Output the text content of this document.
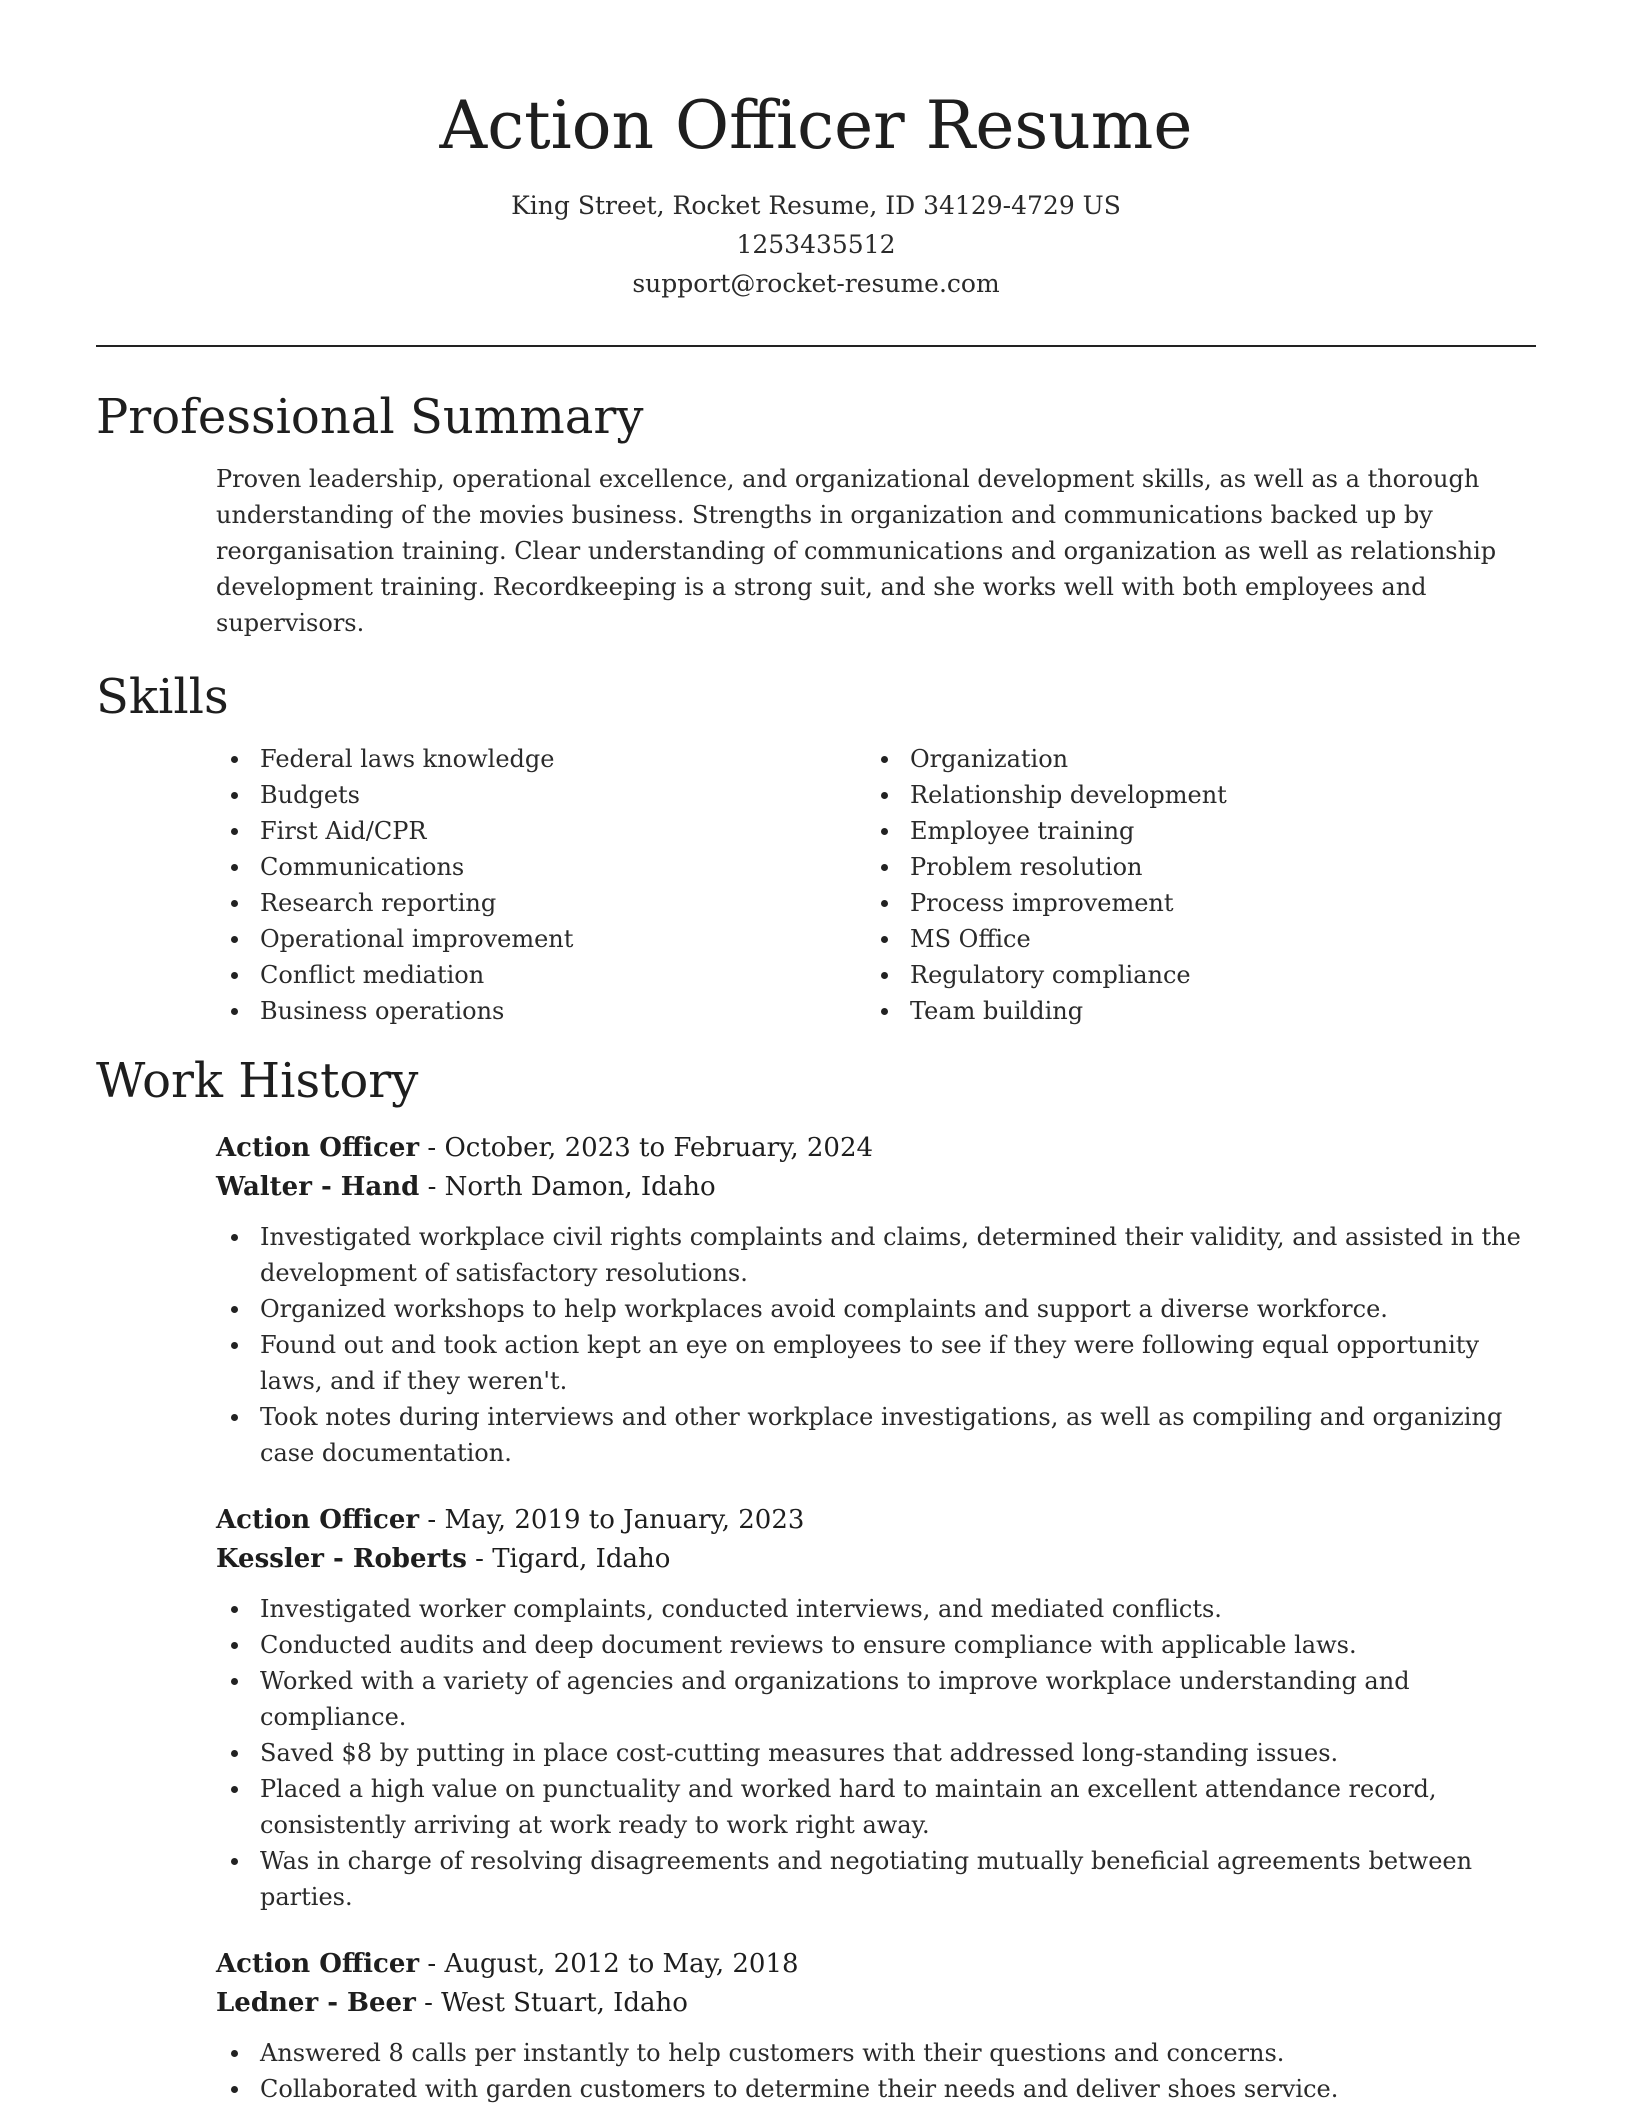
Action Officer Resume
King Street, Rocket Resume, ID 34129-4729 US
1253435512
support@rocket-resume.com
Professional Summary

Proven leadership, operational excellence, and organizational development skills, as well as a thorough understanding of the movies business. Strengths in organization and communications backed up by reorganisation training. Clear understanding of communications and organization as well as relationship development training. Recordkeeping is a strong suit, and she works well with both employees and supervisors.

Skills
Federal laws knowledge
Budgets
First Aid/CPR
Communications
Research reporting
Operational improvement
Conflict mediation
Business operations
Organization
Relationship development
Employee training
Problem resolution
Process improvement
MS Office
Regulatory compliance
Team building
Work History
Action Officer - October, 2023 to February, 2024
Walter - Hand - North Damon, Idaho
Investigated workplace civil rights complaints and claims, determined their validity, and assisted in the development of satisfactory resolutions.
Organized workshops to help workplaces avoid complaints and support a diverse workforce.
Found out and took action kept an eye on employees to see if they were following equal opportunity laws, and if they weren't.
Took notes during interviews and other workplace investigations, as well as compiling and organizing case documentation.
Action Officer - May, 2019 to January, 2023
Kessler - Roberts - Tigard, Idaho
Investigated worker complaints, conducted interviews, and mediated conflicts.
Conducted audits and deep document reviews to ensure compliance with applicable laws.
Worked with a variety of agencies and organizations to improve workplace understanding and compliance.
Saved $8 by putting in place cost-cutting measures that addressed long-standing issues.
Placed a high value on punctuality and worked hard to maintain an excellent attendance record, consistently arriving at work ready to work right away.
Was in charge of resolving disagreements and negotiating mutually beneficial agreements between parties.
Action Officer - August, 2012 to May, 2018
Ledner - Beer - West Stuart, Idaho
Answered 8 calls per instantly to help customers with their questions and concerns.
Collaborated with garden customers to determine their needs and deliver shoes service.
